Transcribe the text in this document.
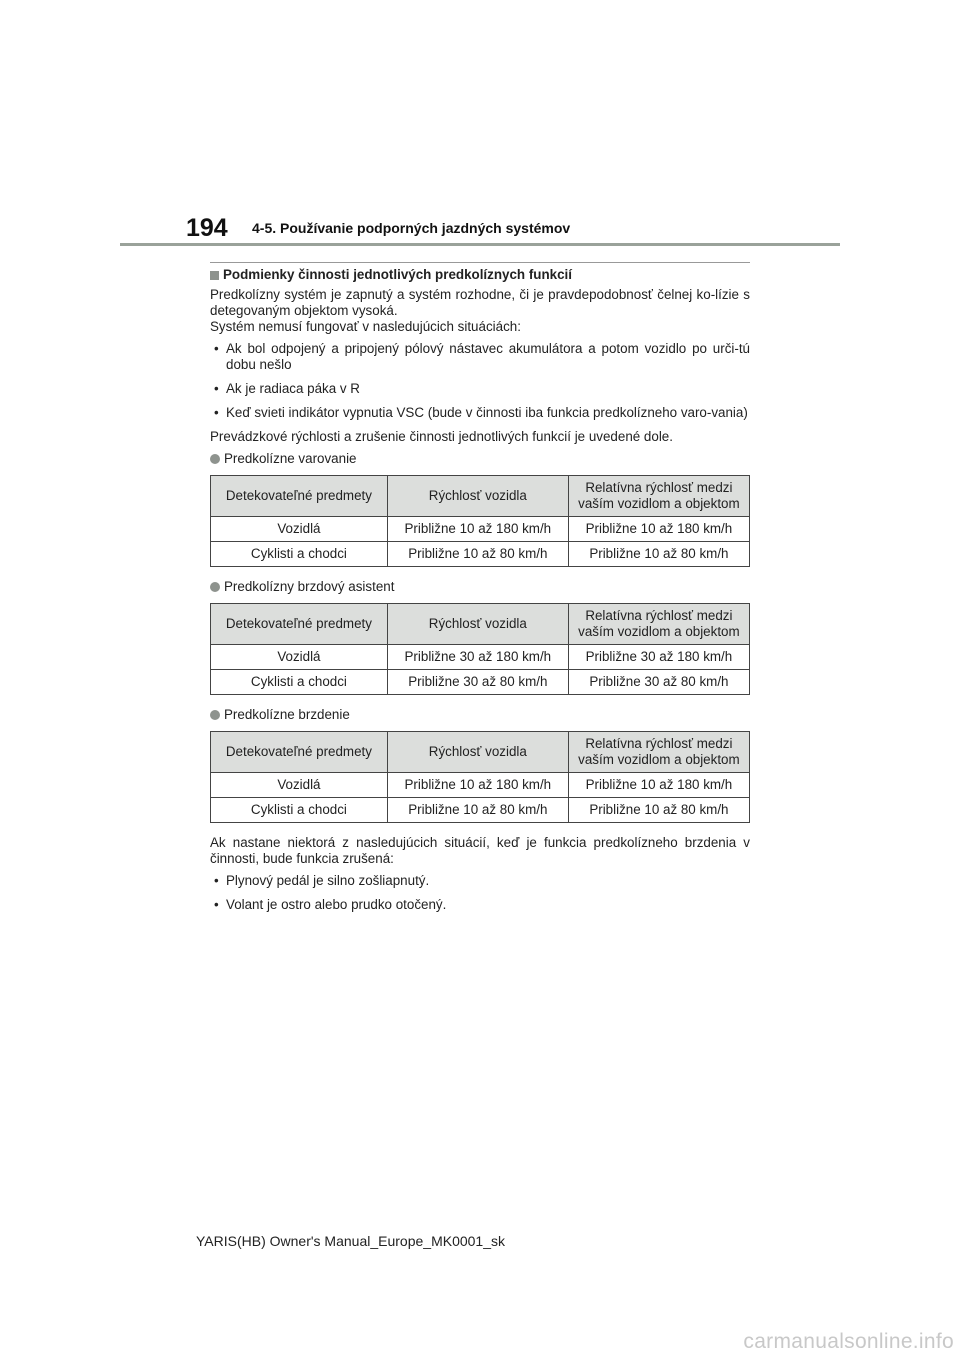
194 4-5. Používanie podporných jazdných systémov
Podmienky činnosti jednotlivých predkolíznych funkcií

Predkolízny systém je zapnutý a systém rozhodne, či je pravdepodobnosť čelnej ko-lízie s detegovaným objektom vysoká.

Systém nemusí fungovať v nasledujúcich situáciách:

• Ak bol odpojený a pripojený pólový nástavec akumulátora a potom vozidlo po urči-tú dobu nešlo
• Ak je radiaca páka v R
• Keď svieti indikátor vypnutia VSC (bude v činnosti iba funkcia predkolízneho varo-vania)

Prevádzkové rýchlosti a zrušenie činnosti jednotlivých funkcií je uvedené dole.

Predkolízne varovanie
Detekovateľné predmety	Rýchlosť vozidla	Relatívna rýchlosť medzi vaším vozidlom a objektom
Vozidlá	Približne 10 až 180 km/h	Približne 10 až 180 km/h
Cyklisti a chodci	Približne 10 až 80 km/h	Približne 10 až 80 km/h
Predkolízny brzdový asistent
Detekovateľné predmety	Rýchlosť vozidla	Relatívna rýchlosť medzi vaším vozidlom a objektom
Vozidlá	Približne 30 až 180 km/h	Približne 30 až 180 km/h
Cyklisti a chodci	Približne 30 až 80 km/h	Približne 30 až 80 km/h
Predkolízne brzdenie
Detekovateľné predmety	Rýchlosť vozidla	Relatívna rýchlosť medzi vaším vozidlom a objektom
Vozidlá	Približne 10 až 180 km/h	Približne 10 až 180 km/h
Cyklisti a chodci	Približne 10 až 80 km/h	Približne 10 až 80 km/h

Ak nastane niektorá z nasledujúcich situácií, keď je funkcia predkolízneho brzdenia v činnosti, bude funkcia zrušená:

• Plynový pedál je silno zošliapnutý.
• Volant je ostro alebo prudko otočený.
YARIS(HB) Owner's Manual_Europe_MK0001_sk
carmanualsonline.info
